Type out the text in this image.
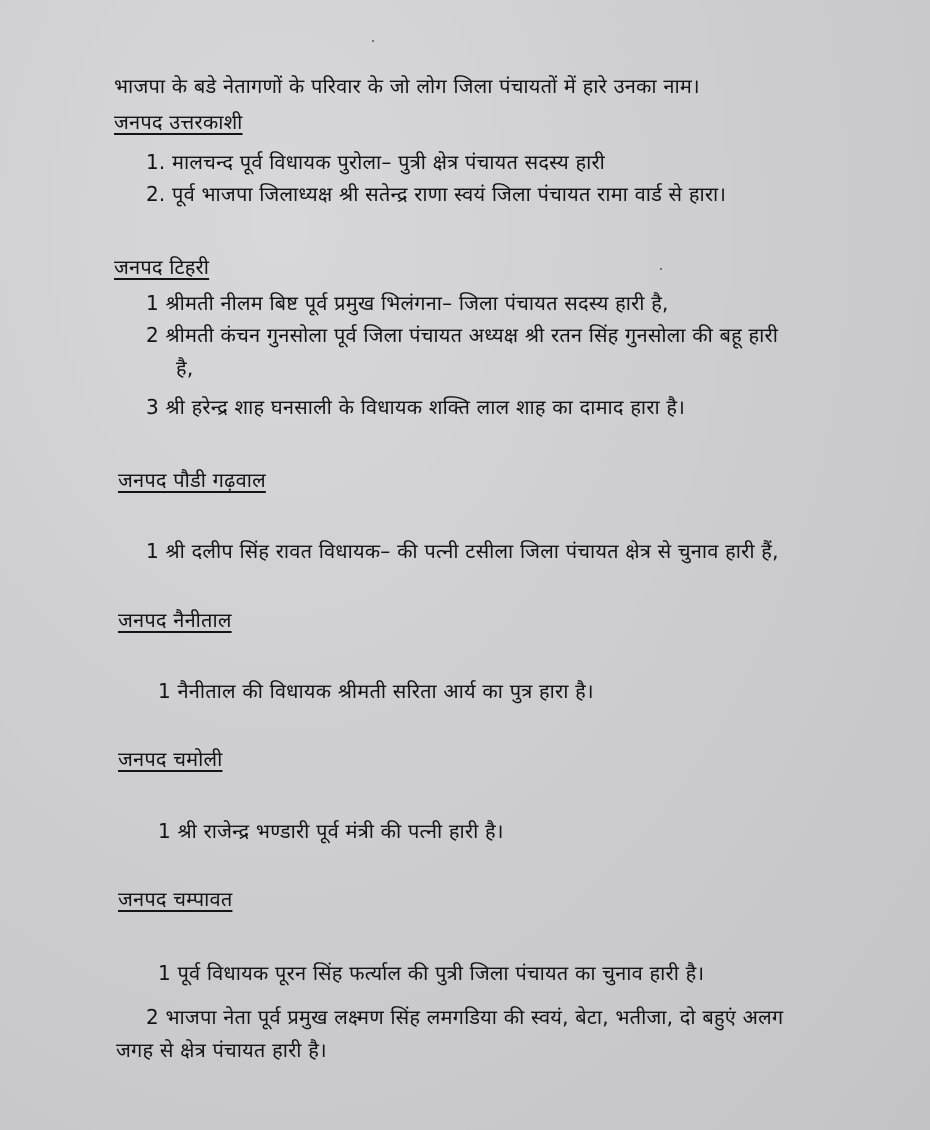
भाजपा के बडे नेतागणों के परिवार के जो लोग जिला पंचायतों में हारे उनका नाम।
जनपद उत्तरकाशी
1. मालचन्द पूर्व विधायक पुरोला– पुत्री क्षेत्र पंचायत सदस्य हारी
2. पूर्व भाजपा जिलाध्यक्ष श्री सतेन्द्र राणा स्वयं जिला पंचायत रामा वार्ड से हारा।
जनपद टिहरी
1 श्रीमती नीलम बिष्ट पूर्व प्रमुख भिलंगना– जिला पंचायत सदस्य हारी है,
2 श्रीमती कंचन गुनसोला पूर्व जिला पंचायत अध्यक्ष श्री रतन सिंह गुनसोला की बहू हारी
है,
3 श्री हरेन्द्र शाह घनसाली के विधायक शक्ति लाल शाह का दामाद हारा है।
जनपद पौडी गढ़वाल
1 श्री दलीप सिंह रावत विधायक– की पत्नी टसीला जिला पंचायत क्षेत्र से चुनाव हारी हैं,
जनपद नैनीताल
1 नैनीताल की विधायक श्रीमती सरिता आर्य का पुत्र हारा है।
जनपद चमोली
1 श्री राजेन्द्र भण्डारी पूर्व मंत्री की पत्नी हारी है।
जनपद चम्पावत
1 पूर्व विधायक पूरन सिंह फर्त्याल की पुत्री जिला पंचायत का चुनाव हारी है।
2 भाजपा नेता पूर्व प्रमुख लक्ष्मण सिंह लमगडिया की स्वयं, बेटा, भतीजा, दो बहुएं अलग
जगह से क्षेत्र पंचायत हारी है।
